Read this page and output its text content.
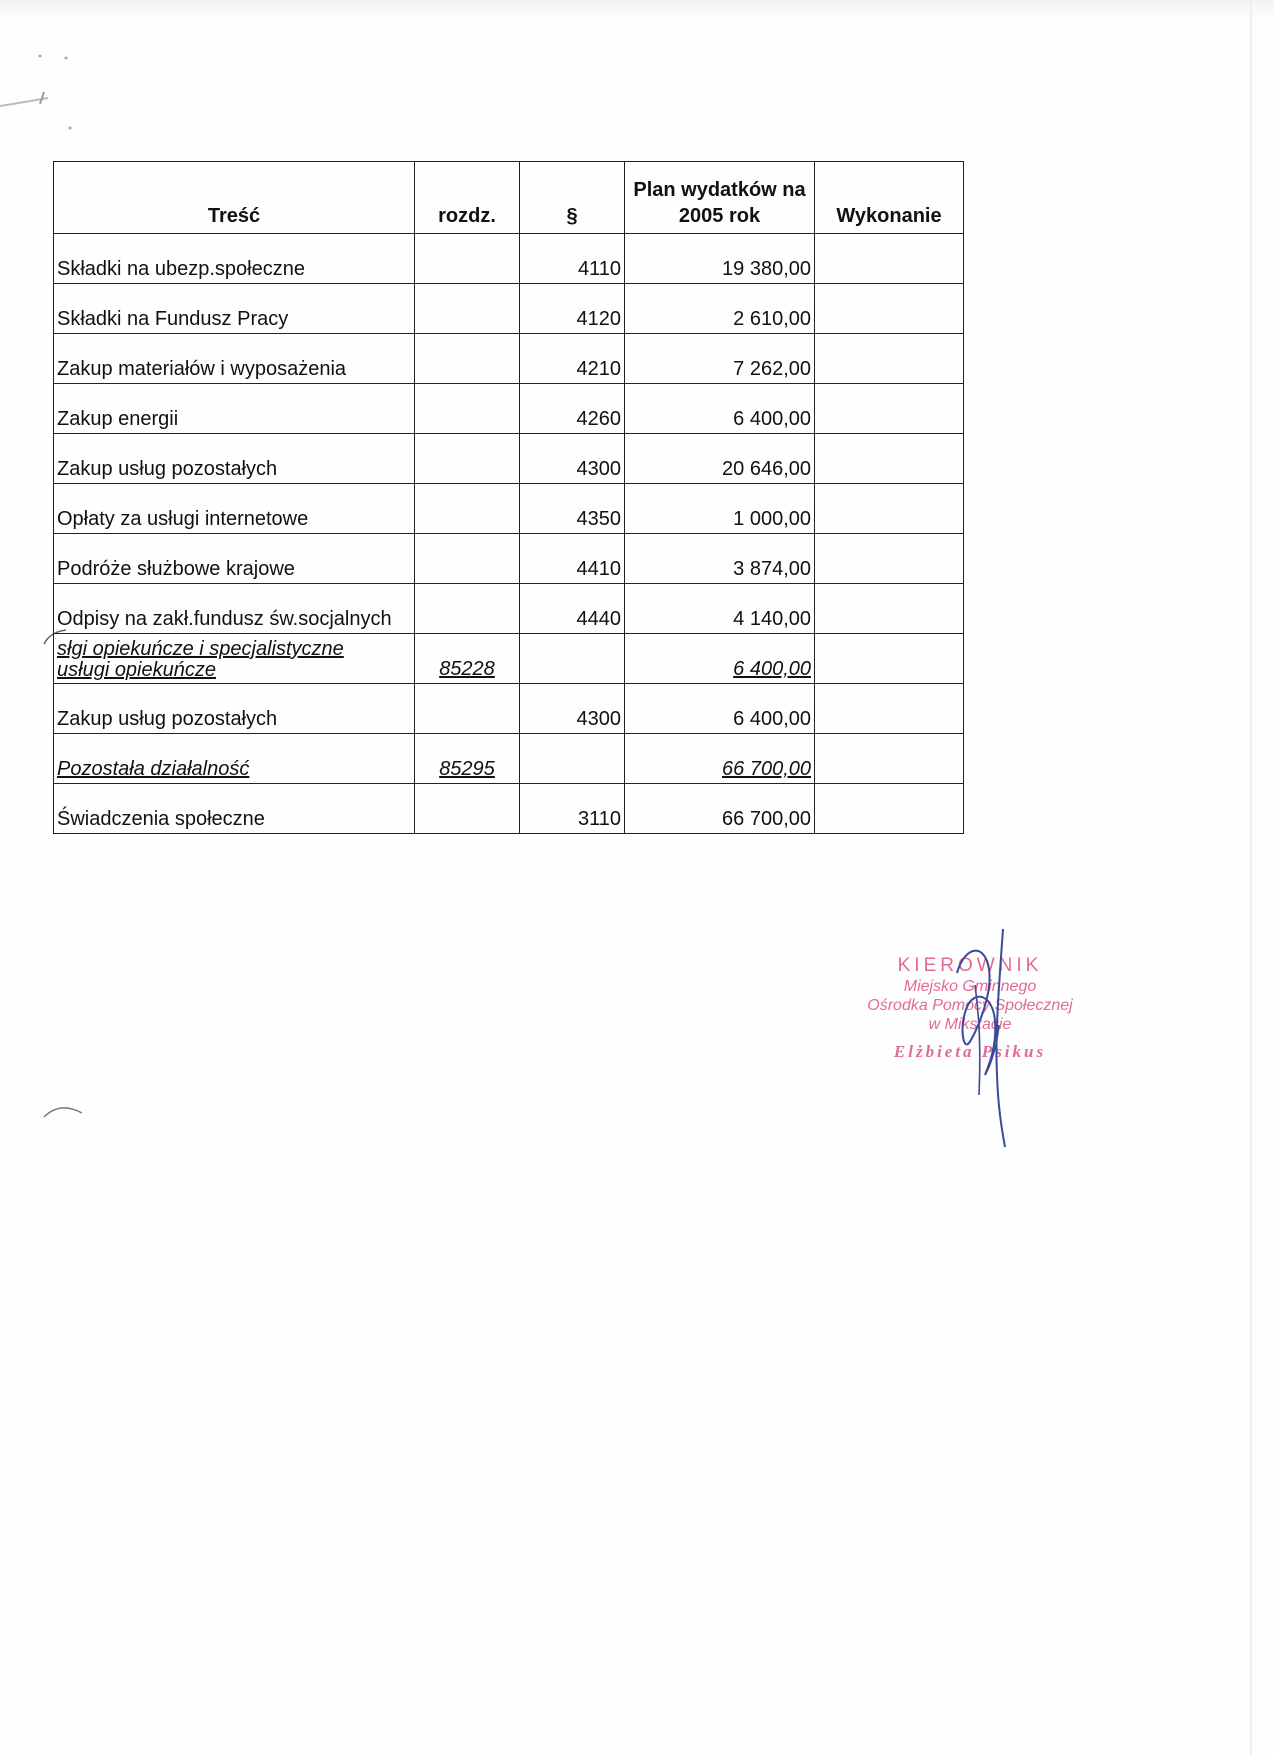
Treść	rozdz.	§	Plan wydatków na
2005 rok	Wykonanie
Składki na ubezp.społeczne		4110	19 380,00	
Składki na Fundusz Pracy		4120	2 610,00	
Zakup materiałów i wyposażenia		4210	7 262,00	
Zakup energii		4260	6 400,00	
Zakup usług pozostałych		4300	20 646,00	
Opłaty za usługi internetowe		4350	1 000,00	
Podróże służbowe krajowe		4410	3 874,00	
Odpisy na zakł.fundusz św.socjalnych		4440	4 140,00	

słgi opiekuńcze i specjalistyczne
usługi opiekuńcze	85228		6 400,00	
Zakup usług pozostałych		4300	6 400,00	
Pozostała działalność	85295		66 700,00	
Świadczenia społeczne		3110	66 700,00	
KIEROWNIK
Miejsko Gminnego
Ośrodka Pomocy Społecznej
w Mikstacie
Elżbieta Psikus
